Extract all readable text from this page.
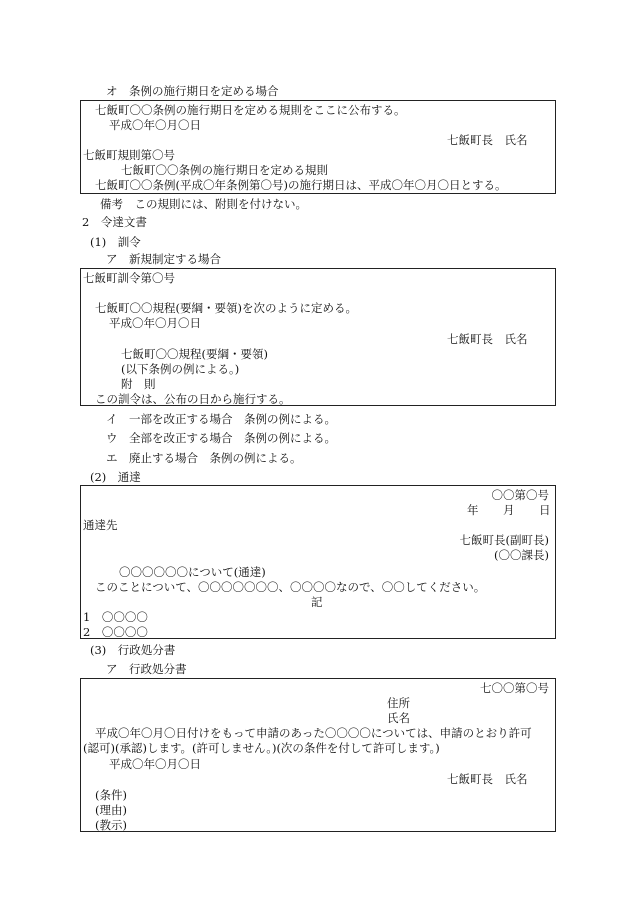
オ　条例の施行期日を定める場合
七飯町〇〇条例の施行期日を定める規則をここに公布する。
平成〇年〇月〇日
七飯町長　氏名
七飯町規則第〇号
七飯町〇〇条例の施行期日を定める規則
七飯町〇〇条例(平成〇年条例第〇号)の施行期日は、平成〇年〇月〇日とする。
備考　この規則には、附則を付けない。
2　令達文書
(1)　訓令
ア　新規制定する場合
七飯町訓令第〇号
七飯町〇〇規程(要綱・要領)を次のように定める。
平成〇年〇月〇日
七飯町長　氏名
七飯町〇〇規程(要綱・要領)
(以下条例の例による。)
附　則
この訓令は、公布の日から施行する。
イ　一部を改正する場合　条例の例による。
ウ　全部を改正する場合　条例の例による。
エ　廃止する場合　条例の例による。
(2)　通達
〇〇第〇号
年 月 日
通達先
七飯町長(副町長)
(〇〇課長)
〇〇〇〇〇〇について(通達)
このことについて、〇〇〇〇〇〇〇、〇〇〇〇なので、〇〇してください。
記
1　〇〇〇〇
2　〇〇〇〇
(3)　行政処分書
ア　行政処分書
七〇〇第〇号
住所
氏名
平成〇年〇月〇日付けをもって申請のあった〇〇〇〇については、申請のとおり許可
(認可)(承認)します。(許可しません。)(次の条件を付して許可します。)
平成〇年〇月〇日
七飯町長　氏名
(条件)
(理由)
(教示)
